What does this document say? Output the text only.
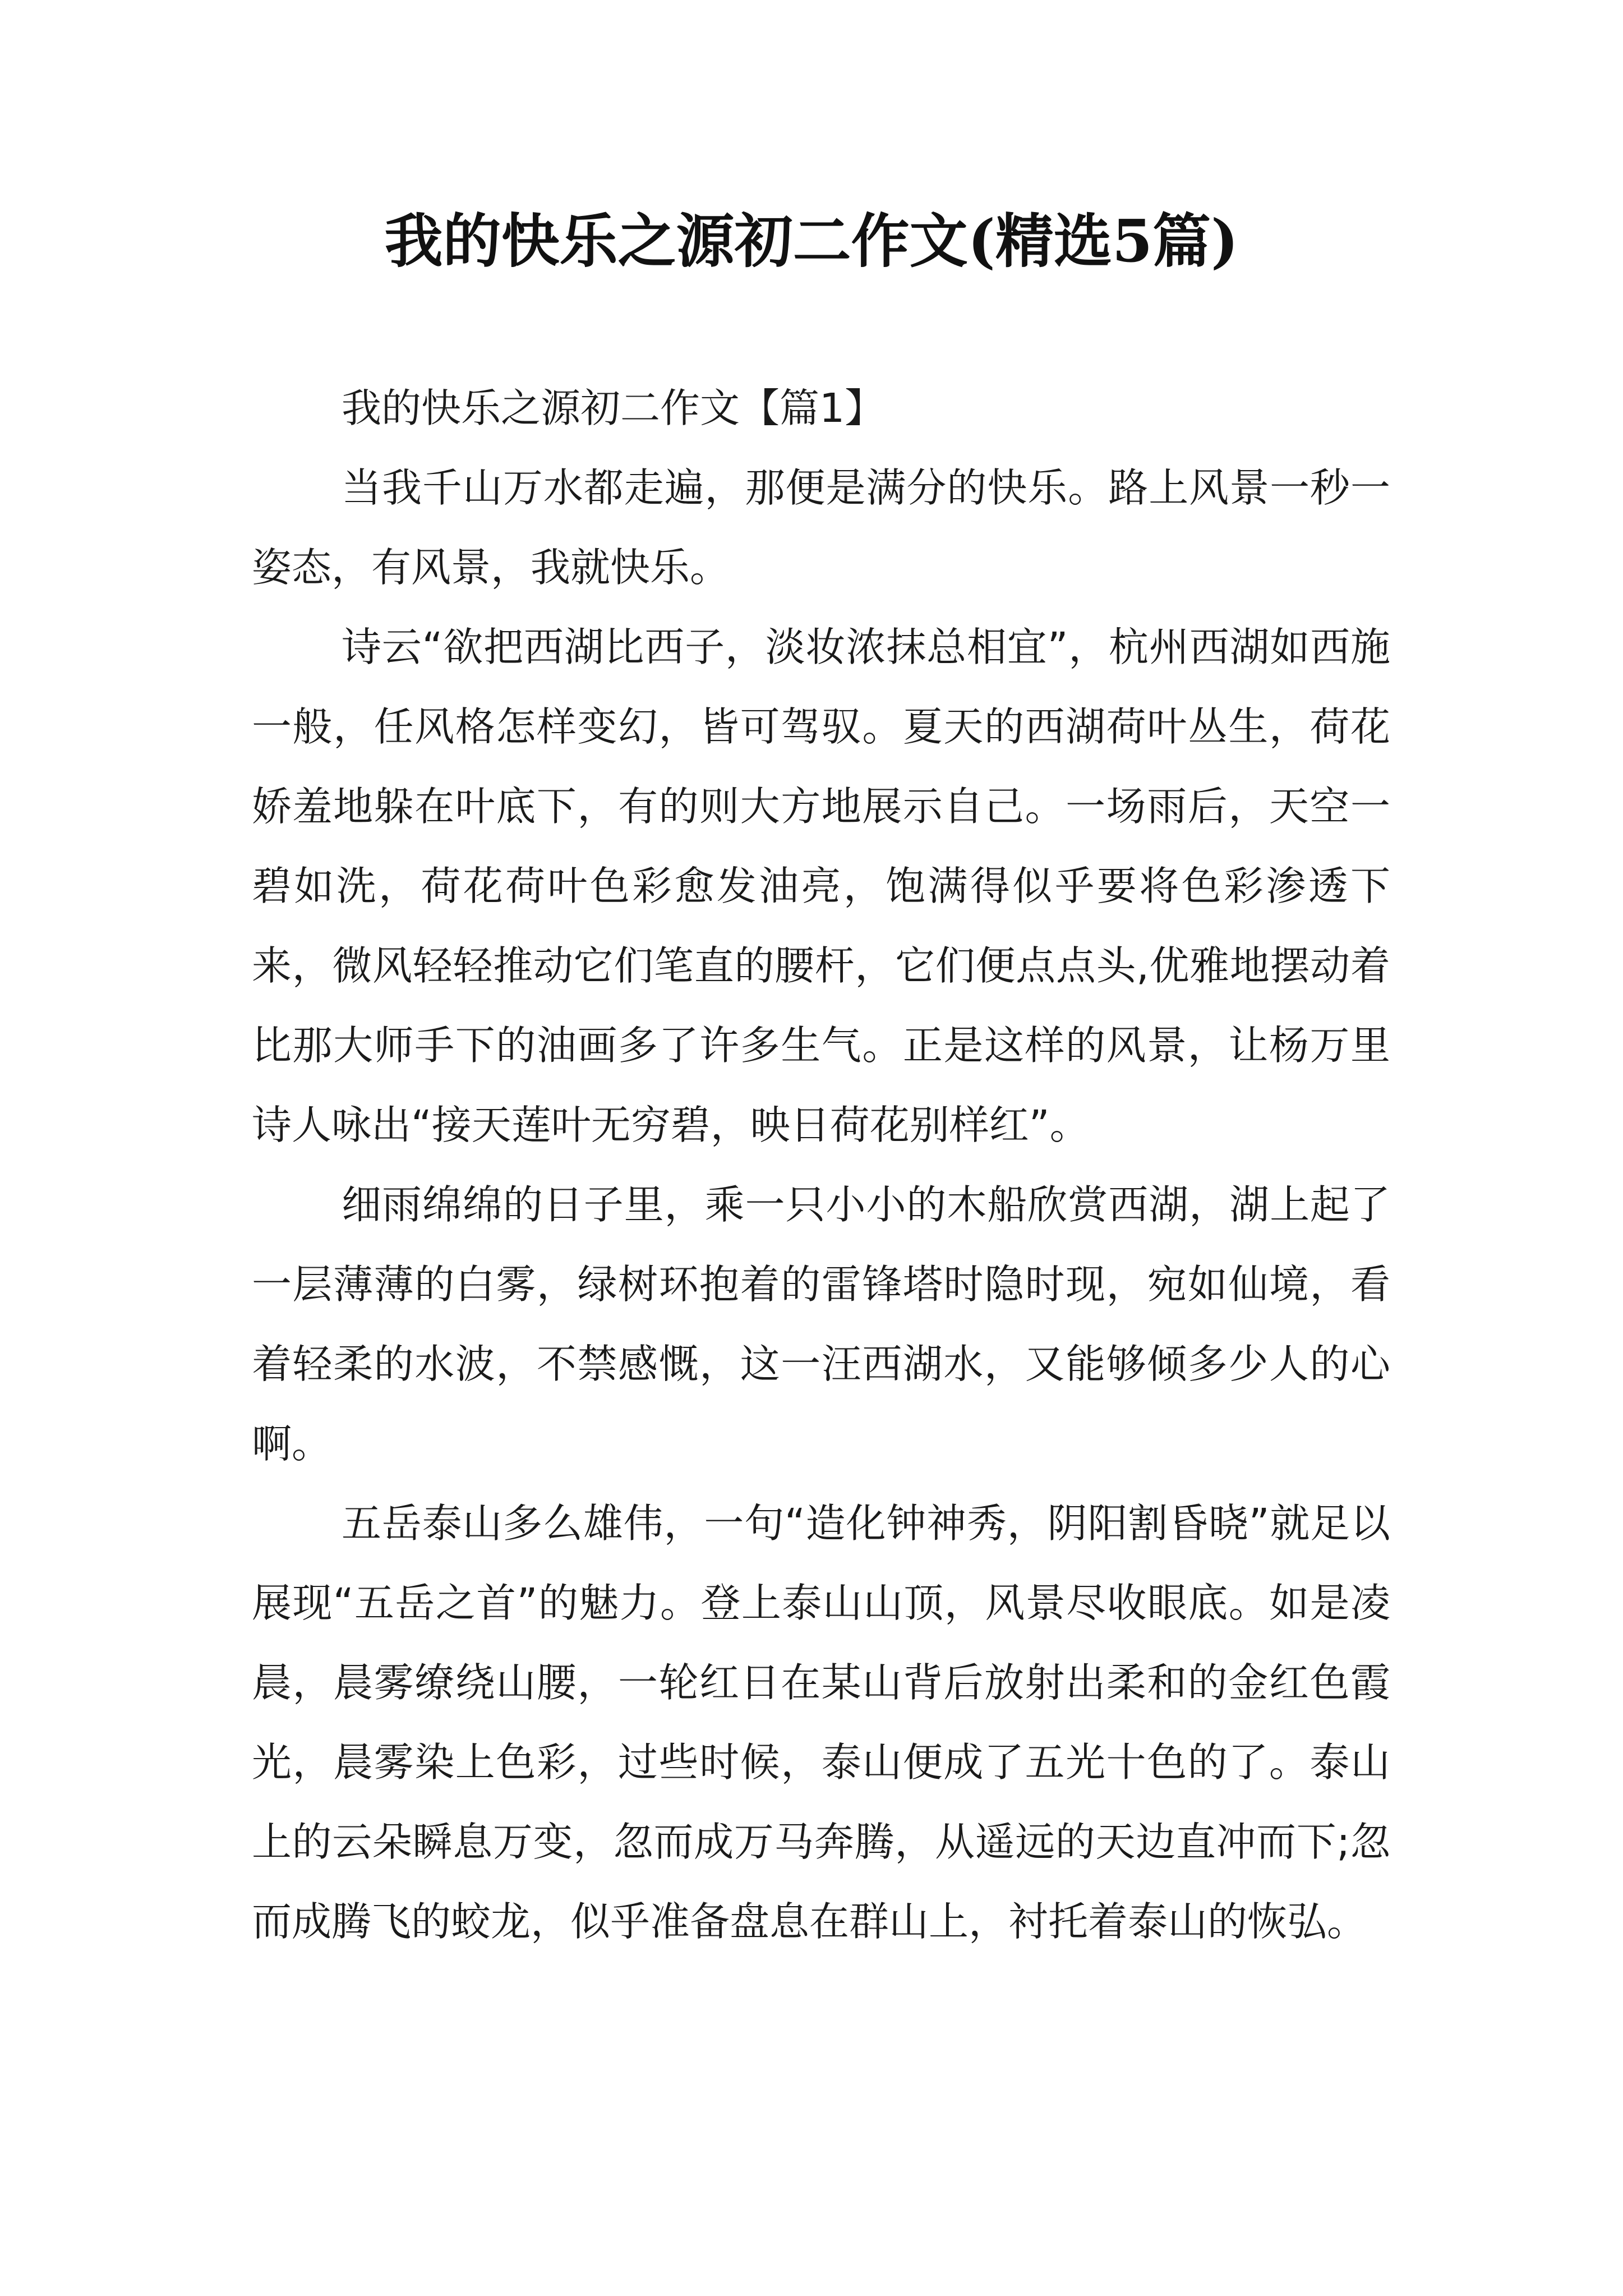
我的快乐之源初二作文(精选5篇)

我的快乐之源初二作文【篇1】

当我千山万水都走遍，那便是满分的快乐。路上风景一秒一姿态，有风景，我就快乐。

诗云“欲把西湖比西子，淡妆浓抹总相宜”，杭州西湖如西施一般，任风格怎样变幻，皆可驾驭。夏天的西湖荷叶丛生，荷花娇羞地躲在叶底下，有的则大方地展示自己。一场雨后，天空一碧如洗，荷花荷叶色彩愈发油亮，饱满得似乎要将色彩渗透下来，微风轻轻推动它们笔直的腰杆，它们便点点头,优雅地摆动着比那大师手下的油画多了许多生气。正是这样的风景，让杨万里诗人咏出“接天莲叶无穷碧，映日荷花别样红”。

细雨绵绵的日子里，乘一只小小的木船欣赏西湖，湖上起了一层薄薄的白雾，绿树环抱着的雷锋塔时隐时现，宛如仙境，看着轻柔的水波，不禁感慨，这一汪西湖水，又能够倾多少人的心啊。

五岳泰山多么雄伟，一句“造化钟神秀，阴阳割昏晓”就足以展现“五岳之首”的魅力。登上泰山山顶，风景尽收眼底。如是凌晨，晨雾缭绕山腰，一轮红日在某山背后放射出柔和的金红色霞光，晨雾染上色彩，过些时候，泰山便成了五光十色的了。泰山上的云朵瞬息万变，忽而成万马奔腾，从遥远的天边直冲而下;忽而成腾飞的蛟龙，似乎准备盘息在群山上，衬托着泰山的恢弘。
